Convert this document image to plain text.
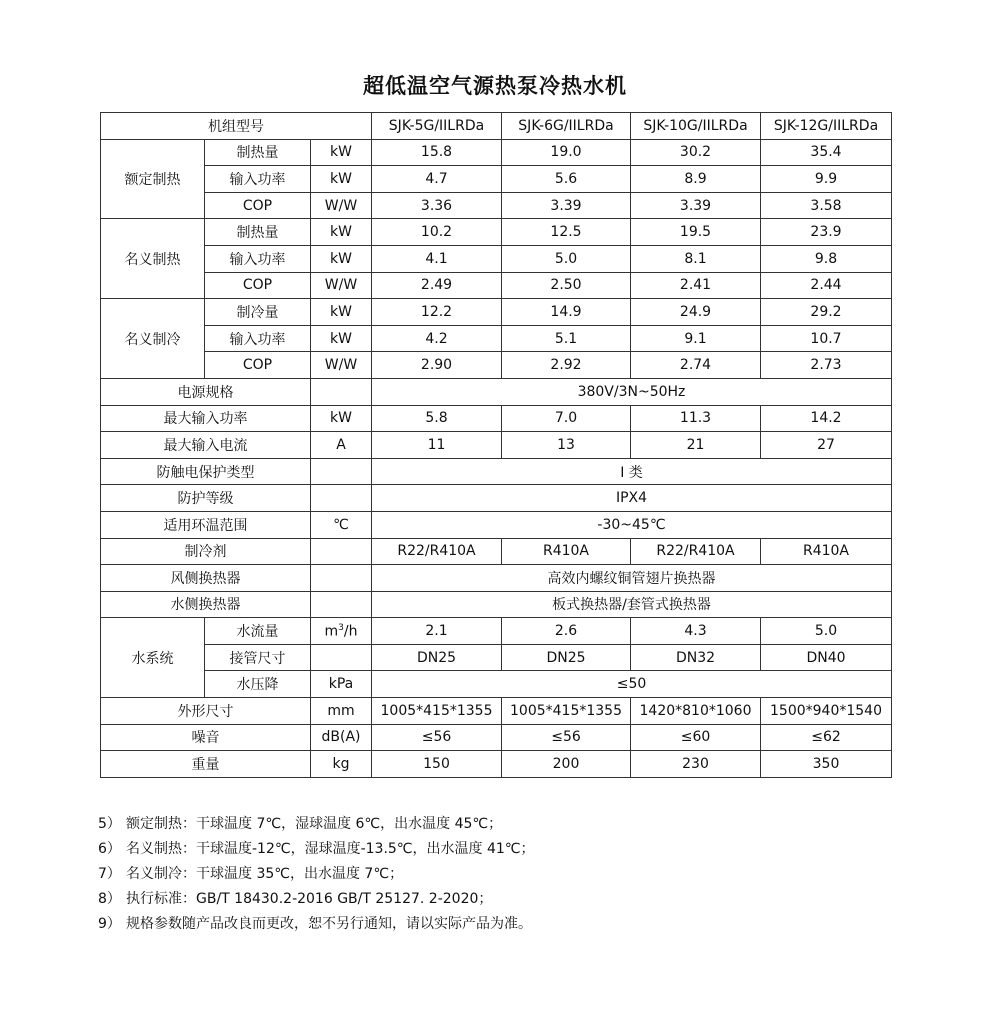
超低温空气源热泵冷热水机
机组型号			SJK-5G/IILRDa	SJK-6G/IILRDa	SJK-10G/IILRDa	SJK-12G/IILRDa
额定制热	制热量	kW	15.8	19.0	30.2	35.4
	输入功率	kW	4.7	5.6	8.9	9.9
	COP	W/W	3.36	3.39	3.39	3.58
名义制热	制热量	kW	10.2	12.5	19.5	23.9
	输入功率	kW	4.1	5.0	8.1	9.8
	COP	W/W	2.49	2.50	2.41	2.44
名义制冷	制冷量	kW	12.2	14.9	24.9	29.2
	输入功率	kW	4.2	5.1	9.1	10.7
	COP	W/W	2.90	2.92	2.74	2.73
电源规格			380V/3N~50Hz			
最大输入功率		kW	5.8	7.0	11.3	14.2
最大输入电流		A	11	13	21	27
防触电保护类型			I 类			
防护等级			IPX4			
适用环温范围		℃	-30~45℃			
制冷剂			R22/R410A	R410A	R22/R410A	R410A
风侧换热器			高效内螺纹铜管翅片换热器			
水侧换热器			板式换热器/套管式换热器			
水系统	水流量	$m^3/h$	2.1	2.6	4.3	5.0
	接管尺寸		DN25	DN25	DN32	DN40
	水压降	kPa	≤50			
外形尺寸		mm	1005*415*1355	1005*415*1355	1420*810*1060	1500*940*1540
噪音		dB(A)	≤56	≤56	≤60	≤62
重量		kg	150	200	230	350
5） 额定制热：干球温度 7℃，湿球温度 6℃，出水温度 45℃；
6） 名义制热：干球温度-12℃，湿球温度-13.5℃，出水温度 41℃；
7） 名义制冷：干球温度 35℃，出水温度 7℃；
8） 执行标准：GB/T 18430.2-2016 GB/T 25127. 2-2020；
9） 规格参数随产品改良而更改，恕不另行通知，请以实际产品为准。
